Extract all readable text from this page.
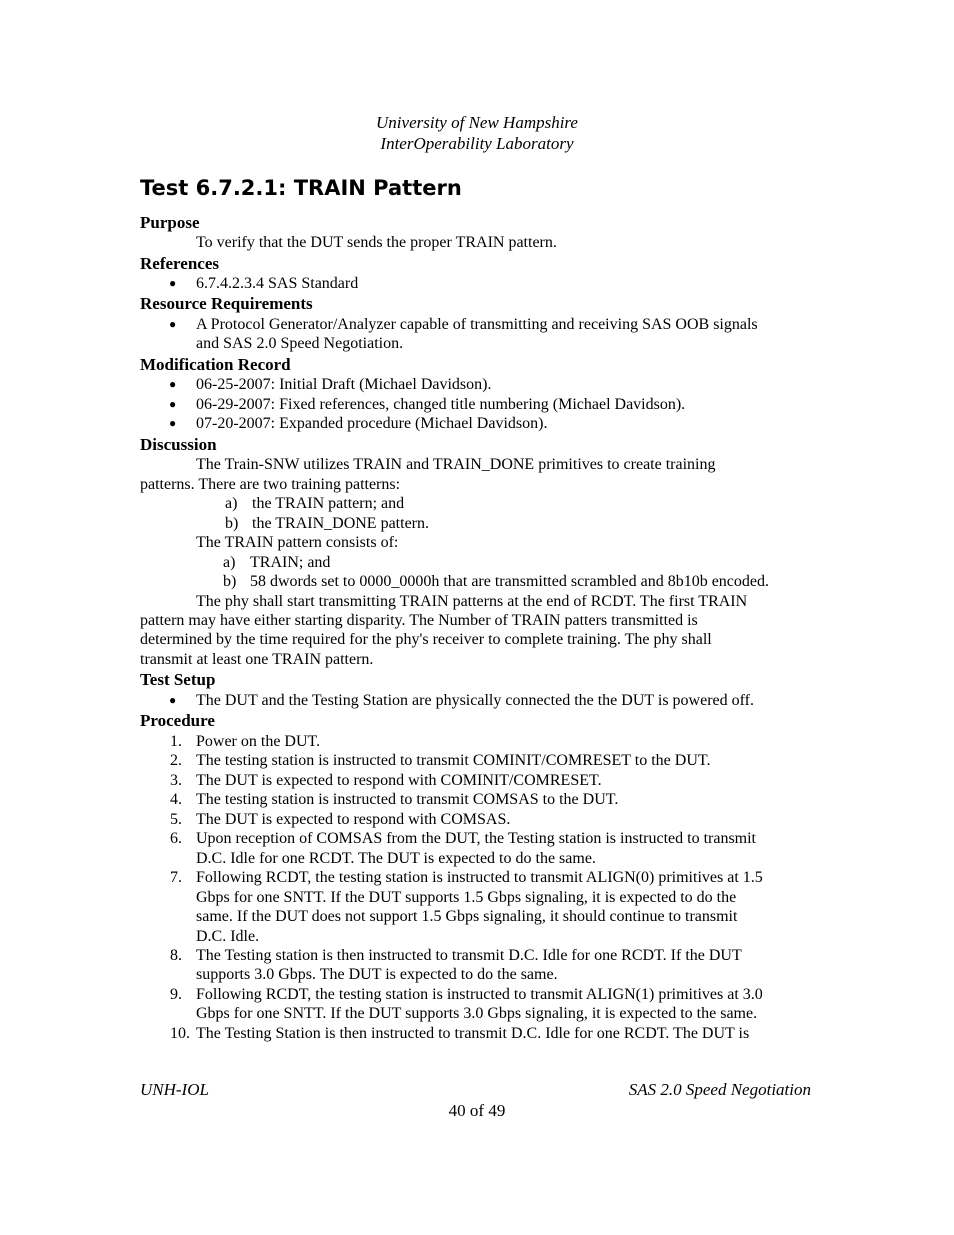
University of New Hampshire
InterOperability Laboratory
Test 6.7.2.1: TRAIN Pattern
Purpose
To verify that the DUT sends the proper TRAIN pattern.
References
● 6.7.4.2.3.4 SAS Standard
Resource Requirements
● A Protocol Generator/Analyzer capable of transmitting and receiving SAS OOB signals
and SAS 2.0 Speed Negotiation.
Modification Record
● 06-25-2007: Initial Draft (Michael Davidson).
● 06-29-2007: Fixed references, changed title numbering (Michael Davidson).
● 07-20-2007: Expanded procedure (Michael Davidson).
Discussion
The Train-SNW utilizes TRAIN and TRAIN_DONE primitives to create training
patterns. There are two training patterns:
a) the TRAIN pattern; and
b) the TRAIN_DONE pattern.
The TRAIN pattern consists of:
a) TRAIN; and
b) 58 dwords set to 0000_0000h that are transmitted scrambled and 8b10b encoded.
The phy shall start transmitting TRAIN patterns at the end of RCDT. The first TRAIN
pattern may have either starting disparity. The Number of TRAIN patters transmitted is
determined by the time required for the phy's receiver to complete training. The phy shall
transmit at least one TRAIN pattern.
Test Setup
● The DUT and the Testing Station are physically connected the the DUT is powered off.
Procedure
1. Power on the DUT.
2. The testing station is instructed to transmit COMINIT/COMRESET to the DUT.
3. The DUT is expected to respond with COMINIT/COMRESET.
4. The testing station is instructed to transmit COMSAS to the DUT.
5. The DUT is expected to respond with COMSAS.
6. Upon reception of COMSAS from the DUT, the Testing station is instructed to transmit
D.C. Idle for one RCDT. The DUT is expected to do the same.
7. Following RCDT, the testing station is instructed to transmit ALIGN(0) primitives at 1.5
Gbps for one SNTT. If the DUT supports 1.5 Gbps signaling, it is expected to do the
same. If the DUT does not support 1.5 Gbps signaling, it should continue to transmit
D.C. Idle.
8. The Testing station is then instructed to transmit D.C. Idle for one RCDT. If the DUT
supports 3.0 Gbps. The DUT is expected to do the same.
9. Following RCDT, the testing station is instructed to transmit ALIGN(1) primitives at 3.0
Gbps for one SNTT. If the DUT supports 3.0 Gbps signaling, it is expected to the same.
10. The Testing Station is then instructed to transmit D.C. Idle for one RCDT. The DUT is
UNH-IOL	SAS 2.0 Speed Negotiation
40 of 49
